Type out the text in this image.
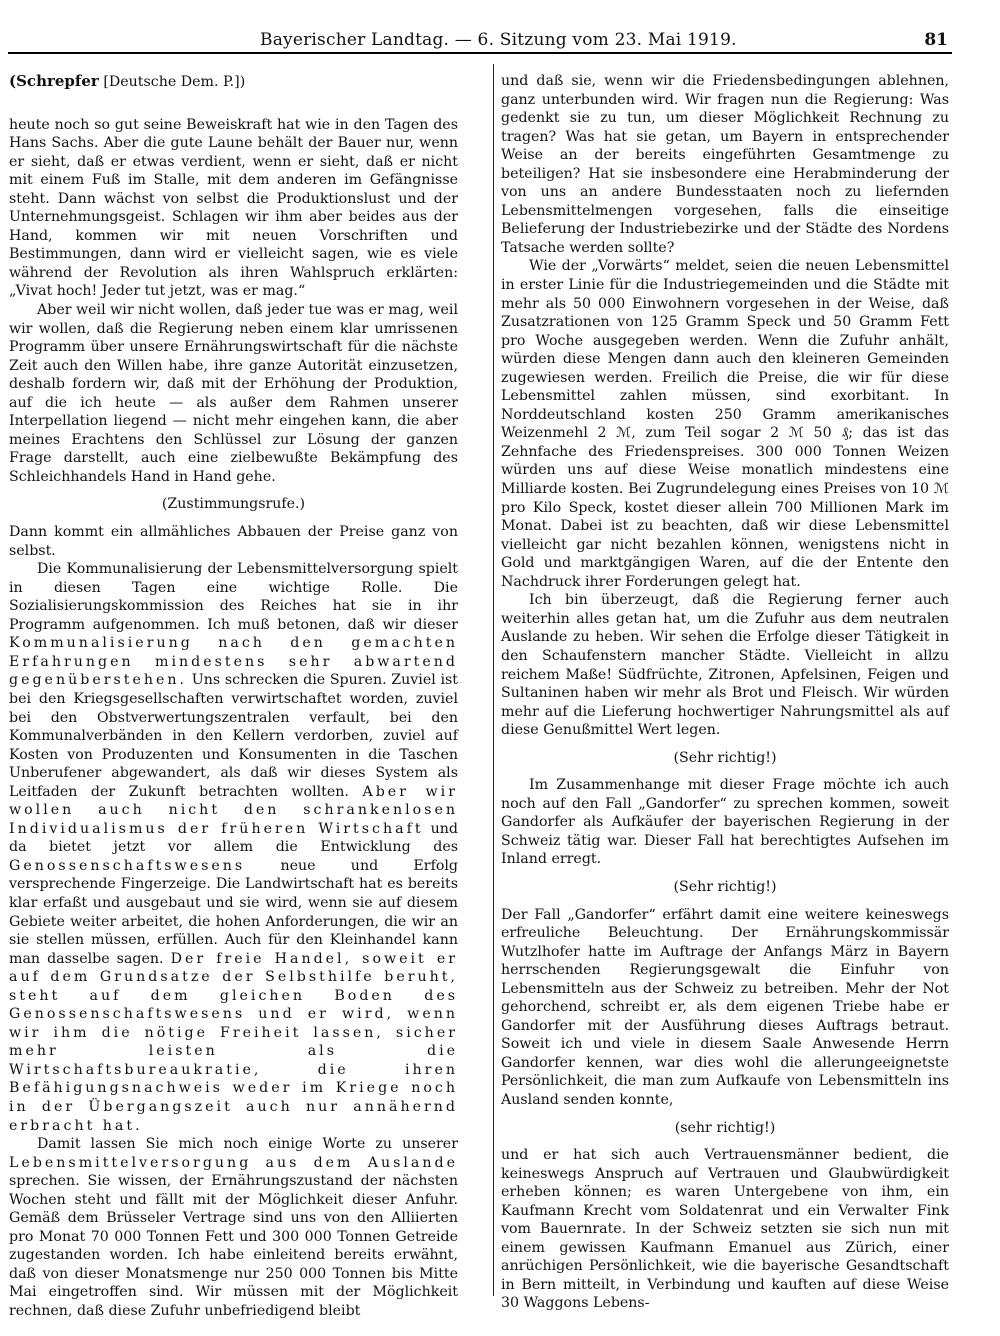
Bayerischer Landtag. — 6. Sitzung vom 23. Mai 1919.	81
(Schrepfer [Deutsche Dem. P.])

heute noch so gut seine Beweiskraft hat wie in den Tagen des Hans Sachs. Aber die gute Laune behält der Bauer nur, wenn er sieht, daß er etwas verdient, wenn er sieht, daß er nicht mit einem Fuß im Stalle, mit dem anderen im Gefängnisse steht. Dann wächst von selbst die Produktionslust und der Unternehmungsgeist. Schlagen wir ihm aber beides aus der Hand, kommen wir mit neuen Vorschriften und Bestimmungen, dann wird er vielleicht sagen, wie es viele während der Revolution als ihren Wahlspruch erklärten: „Vivat hoch! Jeder tut jetzt, was er mag.“

Aber weil wir nicht wollen, daß jeder tue was er mag, weil wir wollen, daß die Regierung neben einem klar umrissenen Programm über unsere Ernährungswirtschaft für die nächste Zeit auch den Willen habe, ihre ganze Autorität einzusetzen, deshalb fordern wir, daß mit der Erhöhung der Produktion, auf die ich heute — als außer dem Rahmen unserer Interpellation liegend — nicht mehr eingehen kann, die aber meines Erachtens den Schlüssel zur Lösung der ganzen Frage darstellt, auch eine zielbewußte Bekämpfung des Schleichhandels Hand in Hand gehe.

(Zustimmungsrufe.)

Dann kommt ein allmähliches Abbauen der Preise ganz von selbst.

Die Kommunalisierung der Lebensmittelversorgung spielt in diesen Tagen eine wichtige Rolle. Die Sozialisierungskommission des Reiches hat sie in ihr Programm aufgenommen. Ich muß betonen, daß wir dieser Kommunalisierung nach den gemachten Erfahrungen mindestens sehr abwartend gegenüberstehen. Uns schrecken die Spuren. Zuviel ist bei den Kriegsgesellschaften verwirtschaftet worden, zuviel bei den Obstverwertungszentralen verfault, bei den Kommunalverbänden in den Kellern verdorben, zuviel auf Kosten von Produzenten und Konsumenten in die Taschen Unberufener abgewandert, als daß wir dieses System als Leitfaden der Zukunft betrachten wollten. Aber wir wollen auch nicht den schrankenlosen Individualismus der früheren Wirtschaft und da bietet jetzt vor allem die Entwicklung des Genossenschaftswesens neue und Erfolg versprechende Fingerzeige. Die Landwirtschaft hat es bereits klar erfaßt und ausgebaut und sie wird, wenn sie auf diesem Gebiete weiter arbeitet, die hohen Anforderungen, die wir an sie stellen müssen, erfüllen. Auch für den Kleinhandel kann man dasselbe sagen. Der freie Handel, soweit er auf dem Grundsatze der Selbsthilfe beruht, steht auf dem gleichen Boden des Genossenschaftswesens und er wird, wenn wir ihm die nötige Freiheit lassen, sicher mehr leisten als die Wirtschaftsbureaukratie, die ihren Befähigungsnachweis weder im Kriege noch in der Übergangszeit auch nur annähernd erbracht hat.

Damit lassen Sie mich noch einige Worte zu unserer Lebensmittelversorgung aus dem Auslande sprechen. Sie wissen, der Ernährungszustand der nächsten Wochen steht und fällt mit der Möglichkeit dieser Anfuhr. Gemäß dem Brüsseler Vertrage sind uns von den Alliierten pro Monat 70 000 Tonnen Fett und 300 000 Tonnen Getreide zugestanden worden. Ich habe einleitend bereits erwähnt, daß von dieser Monatsmenge nur 250 000 Tonnen bis Mitte Mai eingetroffen sind. Wir müssen mit der Möglichkeit rechnen, daß diese Zufuhr unbefriedigend bleibt

und daß sie, wenn wir die Friedensbedingungen ablehnen, ganz unterbunden wird. Wir fragen nun die Regierung: Was gedenkt sie zu tun, um dieser Möglichkeit Rechnung zu tragen? Was hat sie getan, um Bayern in entsprechender Weise an der bereits eingeführten Gesamtmenge zu beteiligen? Hat sie insbesondere eine Herabminderung der von uns an andere Bundesstaaten noch zu liefernden Lebensmittelmengen vorgesehen, falls die einseitige Belieferung der Industriebezirke und der Städte des Nordens Tatsache werden sollte?

Wie der „Vorwärts“ meldet, seien die neuen Lebensmittel in erster Linie für die Industriegemeinden und die Städte mit mehr als 50 000 Einwohnern vorgesehen in der Weise, daß Zusatzrationen von 125 Gramm Speck und 50 Gramm Fett pro Woche ausgegeben werden. Wenn die Zufuhr anhält, würden diese Mengen dann auch den kleineren Gemeinden zugewiesen werden. Freilich die Preise, die wir für diese Lebensmittel zahlen müssen, sind exorbitant. In Norddeutschland kosten 250 Gramm amerikanisches Weizenmehl 2 ℳ, zum Teil sogar 2 ℳ 50 ₰; das ist das Zehnfache des Friedenspreises. 300 000 Tonnen Weizen würden uns auf diese Weise monatlich mindestens eine Milliarde kosten. Bei Zugrundelegung eines Preises von 10 ℳ pro Kilo Speck, kostet dieser allein 700 Millionen Mark im Monat. Dabei ist zu beachten, daß wir diese Lebensmittel vielleicht gar nicht bezahlen können, wenigstens nicht in Gold und marktgängigen Waren, auf die der Entente den Nachdruck ihrer Forderungen gelegt hat.

Ich bin überzeugt, daß die Regierung ferner auch weiterhin alles getan hat, um die Zufuhr aus dem neutralen Auslande zu heben. Wir sehen die Erfolge dieser Tätigkeit in den Schaufenstern mancher Städte. Vielleicht in allzu reichem Maße! Südfrüchte, Zitronen, Apfelsinen, Feigen und Sultaninen haben wir mehr als Brot und Fleisch. Wir würden mehr auf die Lieferung hochwertiger Nahrungsmittel als auf diese Genußmittel Wert legen.

(Sehr richtig!)

Im Zusammenhange mit dieser Frage möchte ich auch noch auf den Fall „Gandorfer“ zu sprechen kommen, soweit Gandorfer als Aufkäufer der bayerischen Regierung in der Schweiz tätig war. Dieser Fall hat berechtigtes Aufsehen im Inland erregt.

(Sehr richtig!)

Der Fall „Gandorfer“ erfährt damit eine weitere keineswegs erfreuliche Beleuchtung. Der Ernährungskommissär Wutzlhofer hatte im Auftrage der Anfangs März in Bayern herrschenden Regierungsgewalt die Einfuhr von Lebensmitteln aus der Schweiz zu betreiben. Mehr der Not gehorchend, schreibt er, als dem eigenen Triebe habe er Gandorfer mit der Ausführung dieses Auftrags betraut. Soweit ich und viele in diesem Saale Anwesende Herrn Gandorfer kennen, war dies wohl die allerungeeignetste Persönlichkeit, die man zum Aufkaufe von Lebensmitteln ins Ausland senden konnte,

(sehr richtig!)

und er hat sich auch Vertrauensmänner bedient, die keineswegs Anspruch auf Vertrauen und Glaubwürdigkeit erheben können; es waren Untergebene von ihm, ein Kaufmann Krecht vom Soldatenrat und ein Verwalter Fink vom Bauernrate. In der Schweiz setzten sie sich nun mit einem gewissen Kaufmann Emanuel aus Zürich, einer anrüchigen Persönlichkeit, wie die bayerische Gesandtschaft in Bern mitteilt, in Verbindung und kauften auf diese Weise 30 Waggons Lebens-
